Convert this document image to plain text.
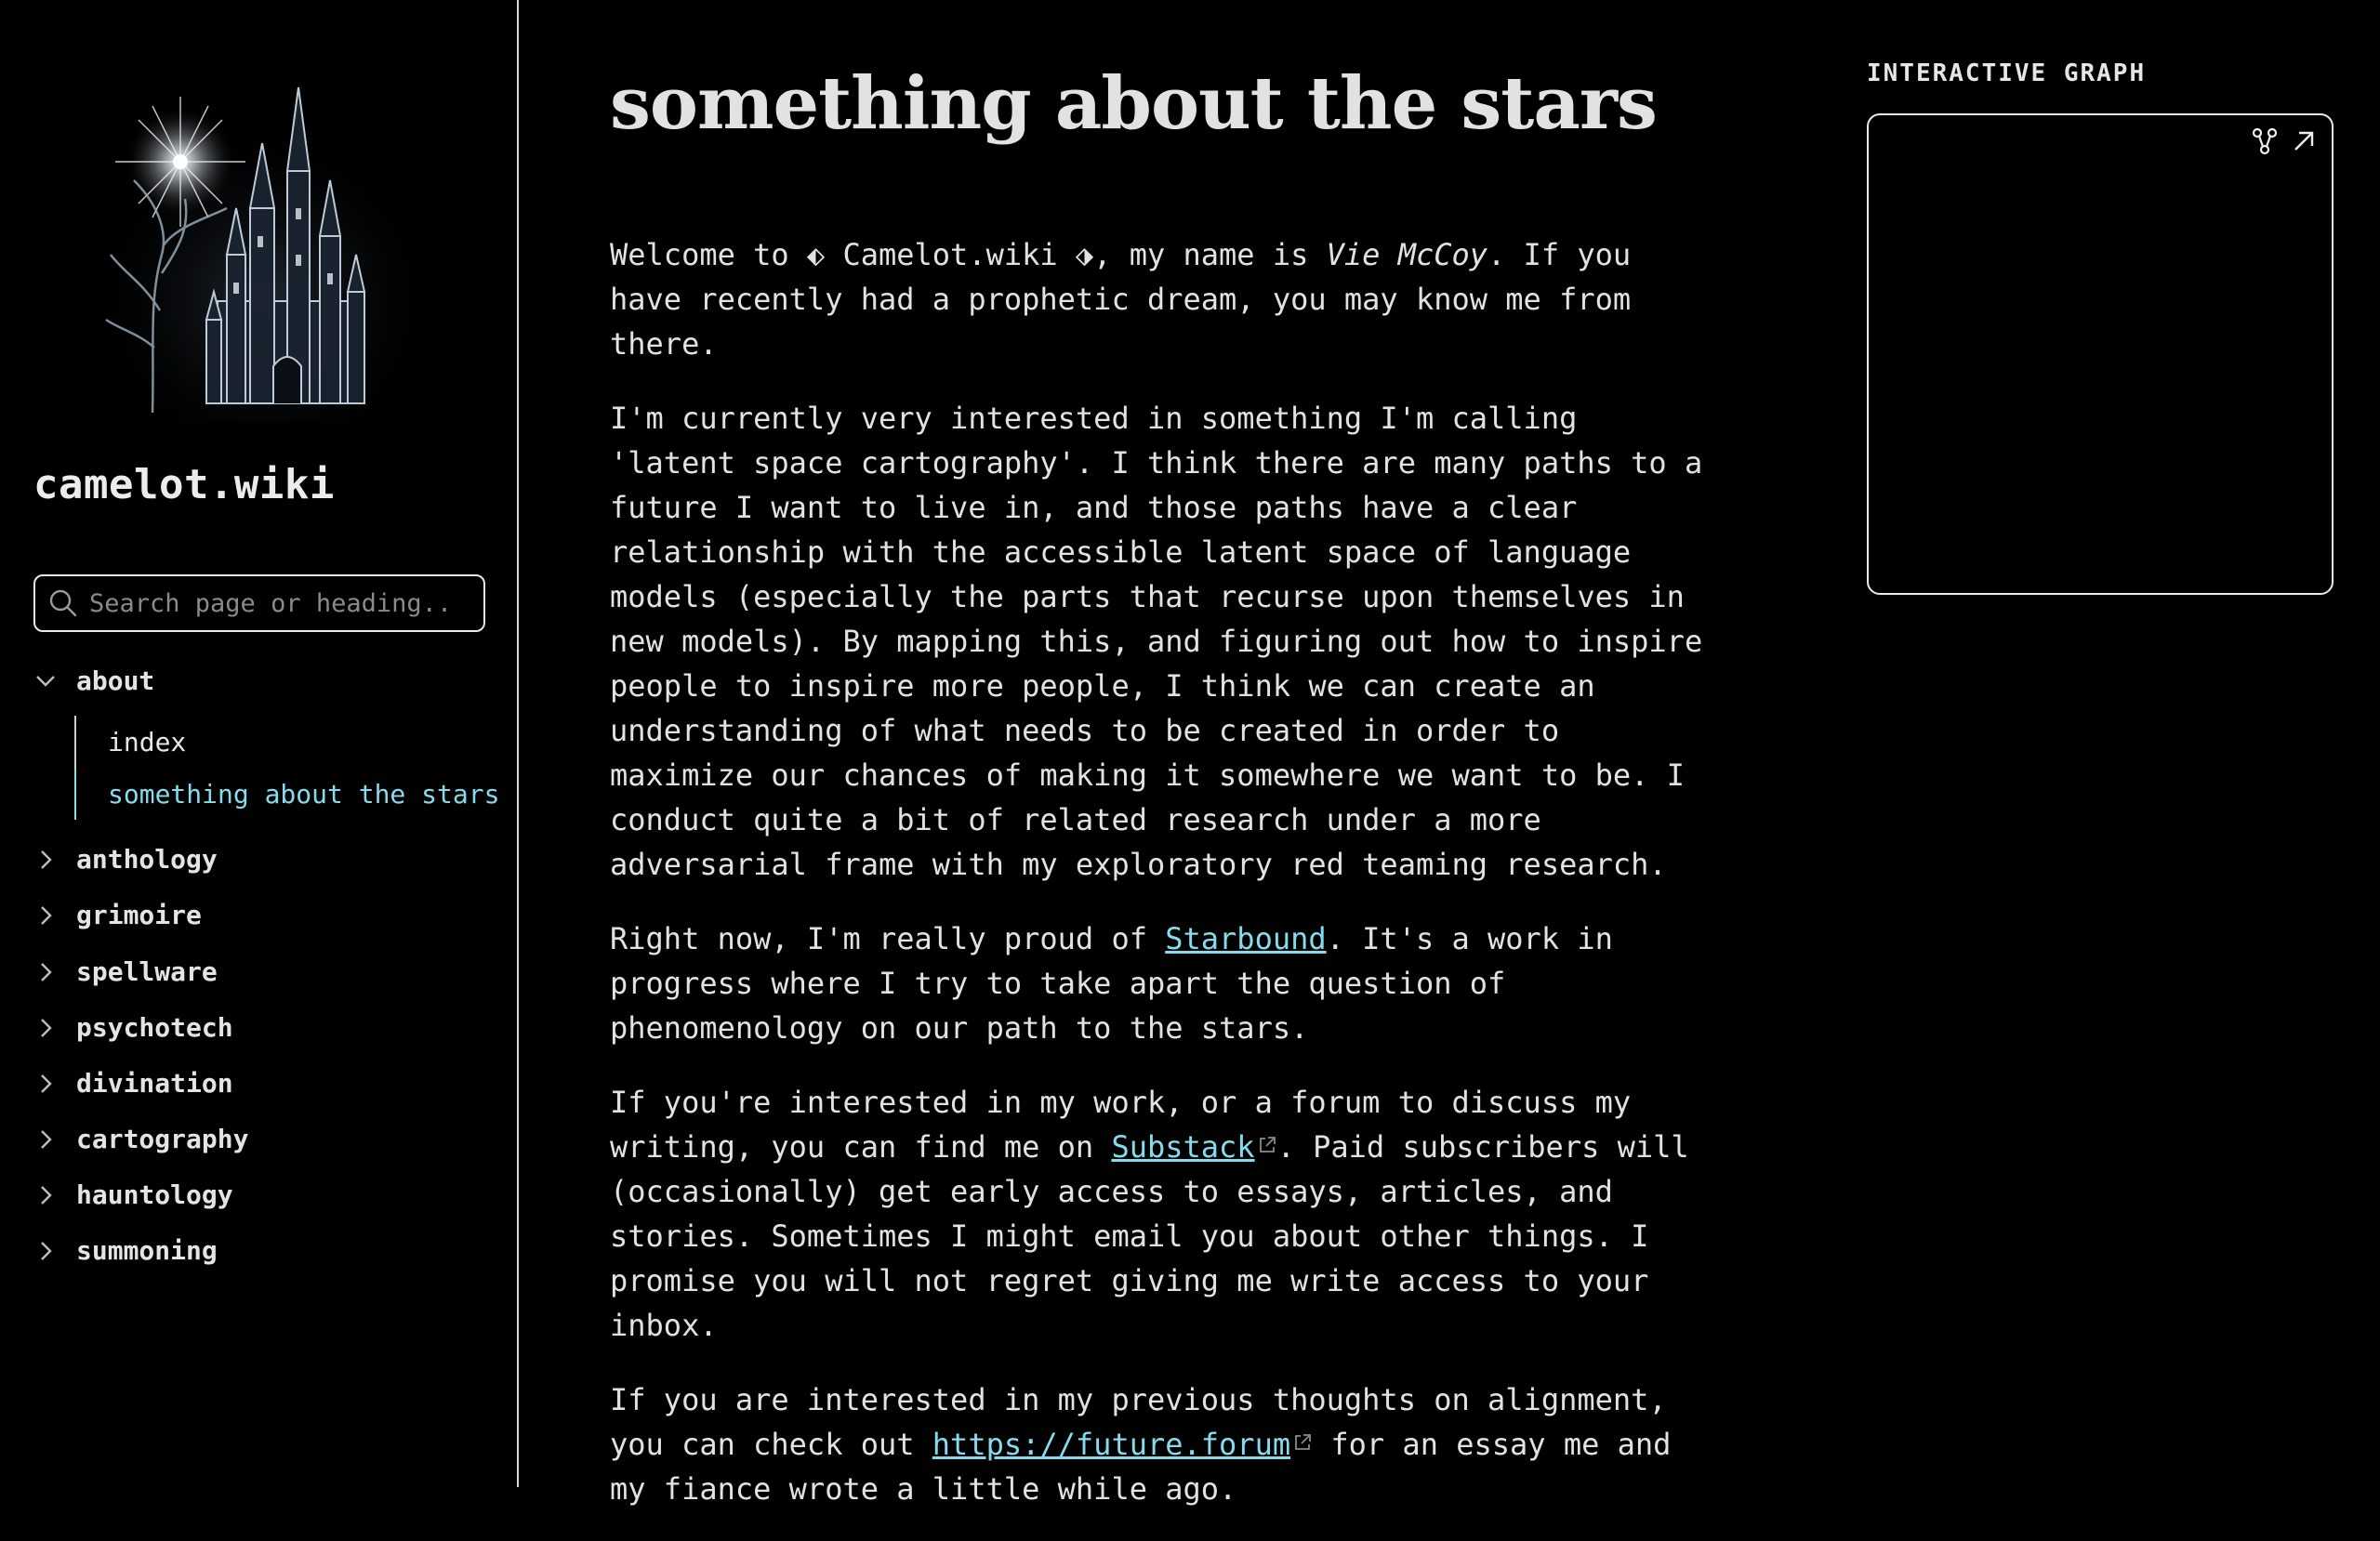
camelot.wiki
Search page or heading..
about
index
something about the stars
anthology
grimoire
spellware
psychotech
divination
cartography
hauntology
summoning
something about the stars

Welcome to ⬖ Camelot.wiki ⬗, my name is Vie McCoy. If you
have recently had a prophetic dream, you may know me from
there.

I'm currently very interested in something I'm calling
'latent space cartography'. I think there are many paths to a
future I want to live in, and those paths have a clear
relationship with the accessible latent space of language
models (especially the parts that recurse upon themselves in
new models). By mapping this, and figuring out how to inspire
people to inspire more people, I think we can create an
understanding of what needs to be created in order to
maximize our chances of making it somewhere we want to be. I
conduct quite a bit of related research under a more
adversarial frame with my exploratory red teaming research.

Right now, I'm really proud of Starbound. It's a work in
progress where I try to take apart the question of
phenomenology on our path to the stars.

If you're interested in my work, or a forum to discuss my
writing, you can find me on Substack . Paid subscribers will
(occasionally) get early access to essays, articles, and
stories. Sometimes I might email you about other things. I
promise you will not regret giving me write access to your
inbox.

If you are interested in my previous thoughts on alignment,
you can check out https://future.forum for an essay me and
my fiance wrote a little while ago.

INTERACTIVE GRAPH
